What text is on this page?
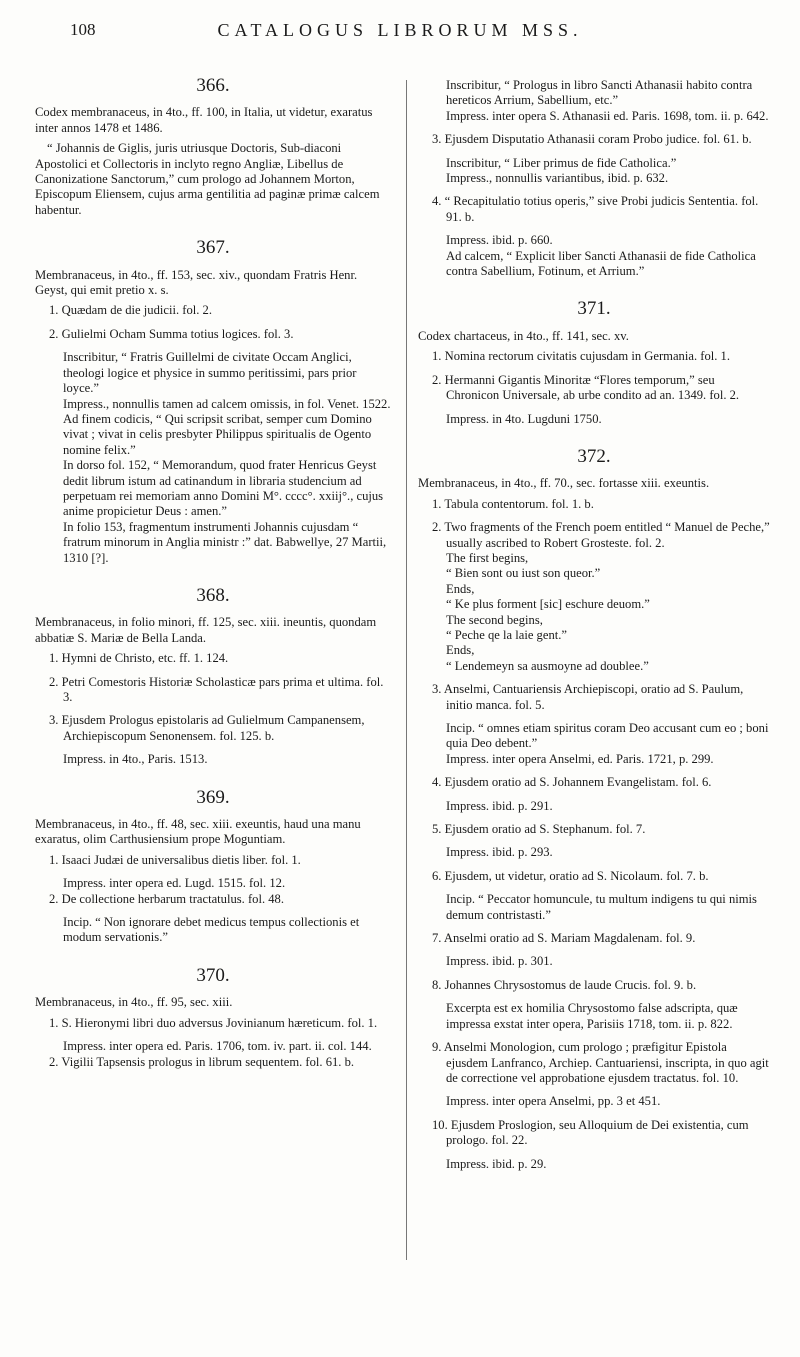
108	CATALOGUS LIBRORUM MSS.
366.

Codex membranaceus, in 4to., ff. 100, in Italia, ut videtur, exaratus inter annos 1478 et 1486.

“ Johannis de Giglis, juris utriusque Doctoris, Sub-diaconi Apostolici et Collectoris in inclyto regno Angliæ, Libellus de Canonizatione Sanctorum,” cum prologo ad Johannem Morton, Episcopum Eliensem, cujus arma gentilitia ad paginæ primæ calcem habentur.

367.

Membranaceus, in 4to., ff. 153, sec. xiv., quondam Fratris Henr. Geyst, qui emit pretio x. s.

1. Quædam de die judicii. fol. 2.

2. Gulielmi Ocham Summa totius logices. fol. 3.

Inscribitur, “ Fratris Guillelmi de civitate Occam Anglici, theologi logice et physice in summo peritissimi, pars prior loyce.”

Impress., nonnullis tamen ad calcem omissis, in fol. Venet. 1522.

Ad finem codicis, “ Qui scripsit scribat, semper cum Domino vivat ; vivat in celis presbyter Philippus spiritualis de Ogento nomine felix.”

In dorso fol. 152, “ Memorandum, quod frater Henricus Geyst dedit librum istum ad catinandum in libraria studencium ad perpetuam rei memoriam anno Domini M°. cccc°. xxiij°., cujus anime propicietur Deus : amen.”

In folio 153, fragmentum instrumenti Johannis cujusdam “ fratrum minorum in Anglia ministr :” dat. Babwellye, 27 Martii, 1310 [?].

368.

Membranaceus, in folio minori, ff. 125, sec. xiii. ineuntis, quondam abbatiæ S. Mariæ de Bella Landa.

1. Hymni de Christo, etc. ff. 1. 124.

2. Petri Comestoris Historiæ Scholasticæ pars prima et ultima. fol. 3.

3. Ejusdem Prologus epistolaris ad Gulielmum Campanensem, Archiepiscopum Senonensem. fol. 125. b.

Impress. in 4to., Paris. 1513.

369.

Membranaceus, in 4to., ff. 48, sec. xiii. exeuntis, haud una manu exaratus, olim Carthusiensium prope Moguntiam.

1. Isaaci Judæi de universalibus dietis liber. fol. 1.

Impress. inter opera ed. Lugd. 1515. fol. 12.

2. De collectione herbarum tractatulus. fol. 48.

Incip. “ Non ignorare debet medicus tempus collectionis et modum servationis.”

370.

Membranaceus, in 4to., ff. 95, sec. xiii.

1. S. Hieronymi libri duo adversus Jovinianum hæreticum. fol. 1.

Impress. inter opera ed. Paris. 1706, tom. iv. part. ii. col. 144.

2. Vigilii Tapsensis prologus in librum sequentem. fol. 61. b.

Inscribitur, “ Prologus in libro Sancti Athanasii habito contra hereticos Arrium, Sabellium, etc.”

Impress. inter opera S. Athanasii ed. Paris. 1698, tom. ii. p. 642.

3. Ejusdem Disputatio Athanasii coram Probo judice. fol. 61. b.

Inscribitur, “ Liber primus de fide Catholica.”

Impress., nonnullis variantibus, ibid. p. 632.

4. “ Recapitulatio totius operis,” sive Probi judicis Sententia. fol. 91. b.

Impress. ibid. p. 660.

Ad calcem, “ Explicit liber Sancti Athanasii de fide Catholica contra Sabellium, Fotinum, et Arrium.”

371.

Codex chartaceus, in 4to., ff. 141, sec. xv.

1. Nomina rectorum civitatis cujusdam in Germania. fol. 1.

2. Hermanni Gigantis Minoritæ “Flores temporum,” seu Chronicon Universale, ab urbe condito ad an. 1349. fol. 2.

Impress. in 4to. Lugduni 1750.

372.

Membranaceus, in 4to., ff. 70., sec. fortasse xiii. exeuntis.

1. Tabula contentorum. fol. 1. b.

2. Two fragments of the French poem entitled “ Manuel de Peche,” usually ascribed to Robert Grosteste. fol. 2.

The first begins,

“ Bien sont ou iust son queor.”

Ends,

“ Ke plus forment [sic] eschure deuom.”

The second begins,

“ Peche qe la laie gent.”

Ends,

“ Lendemeyn sa ausmoyne ad doublee.”

3. Anselmi, Cantuariensis Archiepiscopi, oratio ad S. Paulum, initio manca. fol. 5.

Incip. “ omnes etiam spiritus coram Deo accusant cum eo ; boni quia Deo debent.”

Impress. inter opera Anselmi, ed. Paris. 1721, p. 299.

4. Ejusdem oratio ad S. Johannem Evangelistam. fol. 6.

Impress. ibid. p. 291.

5. Ejusdem oratio ad S. Stephanum. fol. 7.

Impress. ibid. p. 293.

6. Ejusdem, ut videtur, oratio ad S. Nicolaum. fol. 7. b.

Incip. “ Peccator homuncule, tu multum indigens tu qui nimis demum contristasti.”

7. Anselmi oratio ad S. Mariam Magdalenam. fol. 9.

Impress. ibid. p. 301.

8. Johannes Chrysostomus de laude Crucis. fol. 9. b.

Excerpta est ex homilia Chrysostomo false adscripta, quæ impressa exstat inter opera, Parisiis 1718, tom. ii. p. 822.

9. Anselmi Monologion, cum prologo ; præfigitur Epistola ejusdem Lanfranco, Archiep. Cantuariensi, inscripta, in quo agit de correctione vel approbatione ejusdem tractatus. fol. 10.

Impress. inter opera Anselmi, pp. 3 et 451.

10. Ejusdem Proslogion, seu Alloquium de Dei existentia, cum prologo. fol. 22.

Impress. ibid. p. 29.
